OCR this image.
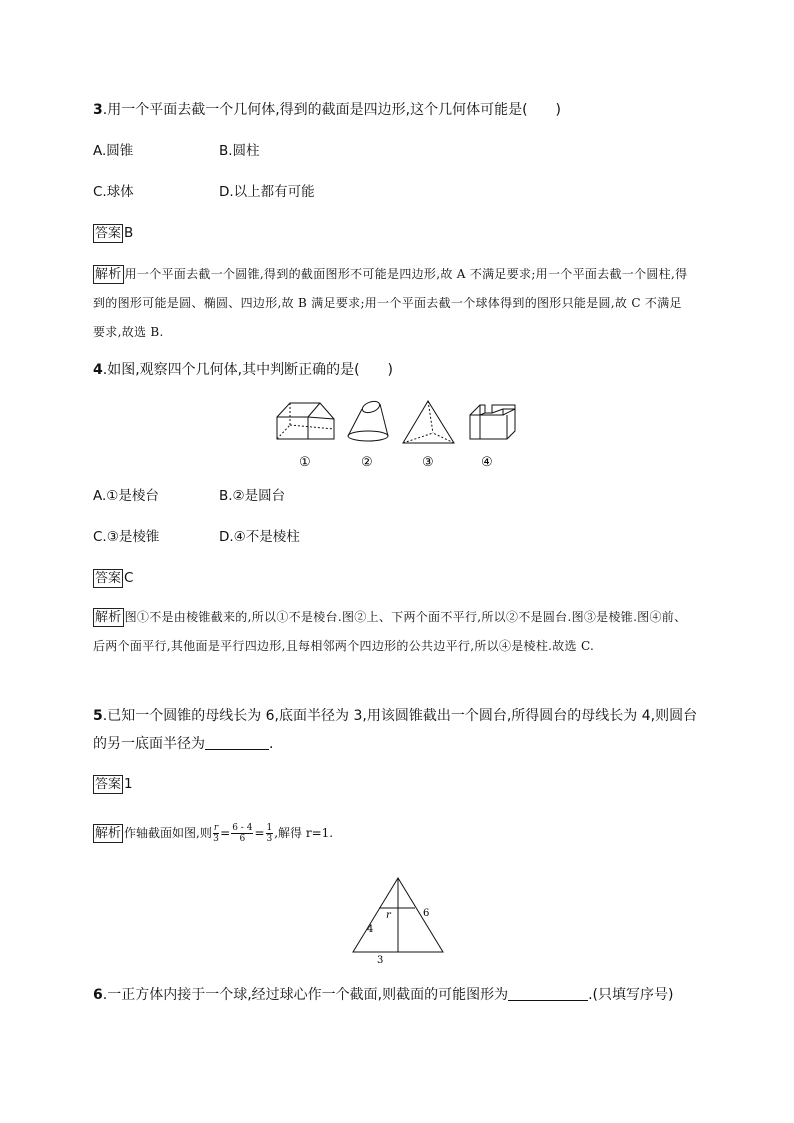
3.用一个平面去截一个几何体,得到的截面是四边形,这个几何体可能是(　　)
A.圆锥	B.圆柱
C.球体	D.以上都有可能
答案 B
解析 用一个平面去截一个圆锥,得到的截面图形不可能是四边形,故 A 不满足要求;用一个平面去截一个圆柱,得到的图形可能是圆、椭圆、四边形,故 B 满足要求;用一个平面去截一个球体得到的图形只能是圆,故 C 不满足要求,故选 B.
4.如图,观察四个几何体,其中判断正确的是(　　)
①	②	③	④
A.①是棱台	B.②是圆台
C.③是棱锥	D.④不是棱柱
答案 C
解析 图①不是由棱锥截来的,所以①不是棱台.图②上、下两个面不平行,所以②不是圆台.图③是棱锥.图④前、后两个面平行,其他面是平行四边形,且每相邻两个四边形的公共边平行,所以④是棱柱.故选 C.
5.已知一个圆锥的母线长为 6,底面半径为 3,用该圆锥截出一个圆台,所得圆台的母线长为 4,则圆台
的另一底面半径为	.
答案 1
解析 作轴截面如图,则 $\frac{r}{3} = \frac{6 - 4}{6} = \frac{1}{3}$ ,解得 r=1.
r	6
4
3
6.一正方体内接于一个球,经过球心作一个截面,则截面的可能图形为	.(只填写序号)
